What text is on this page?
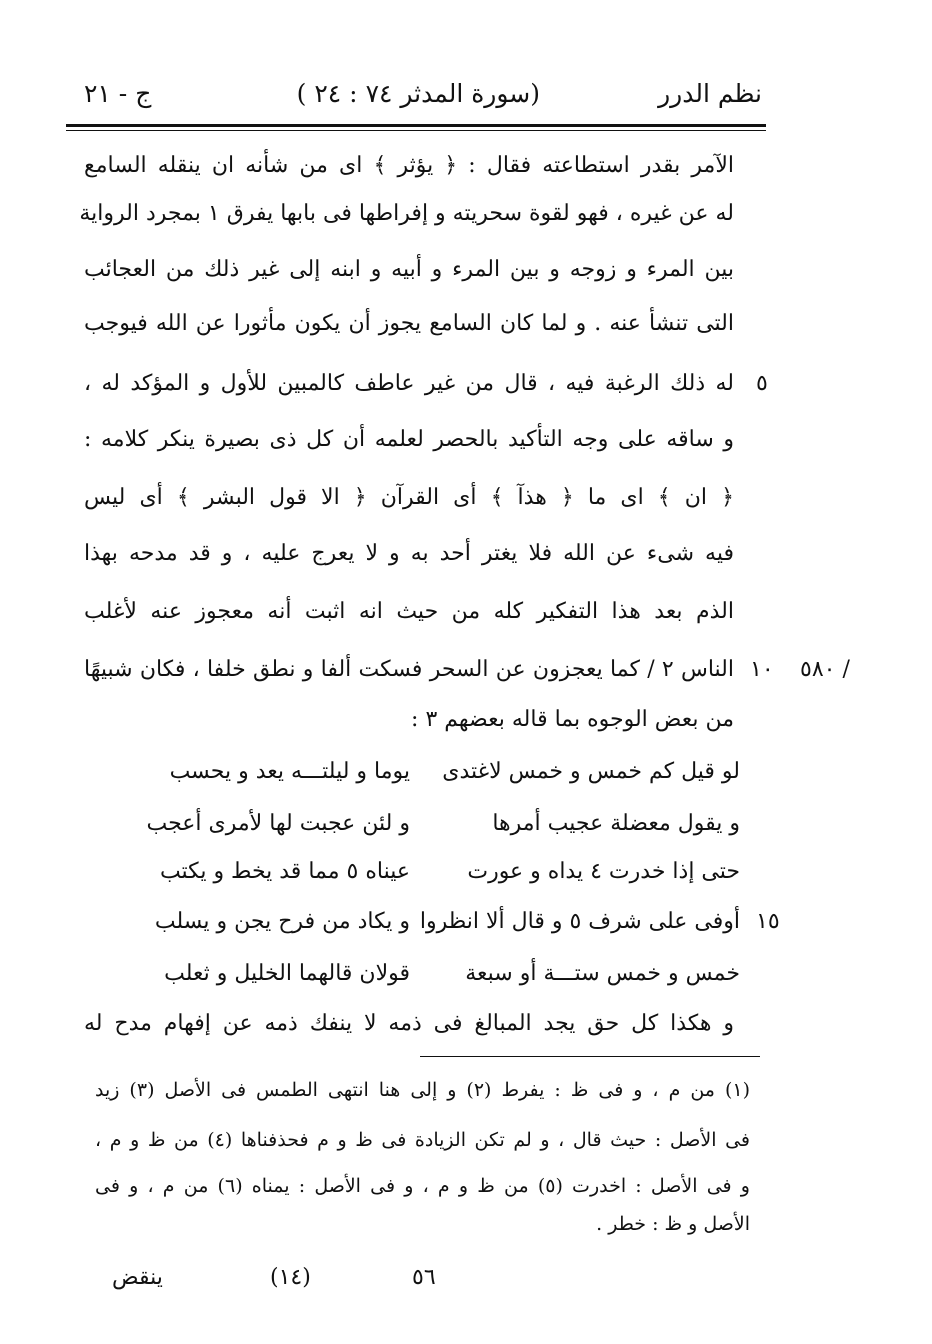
نظم الدرر
(سورة المدثر ٧٤ : ٢٤ )
ج - ٢١
الآمر بقدر استطاعته فقال : ﴿ يؤثر ﴾ اى من شأنه ان ينقله السامع
له عن غيره ، فهو لقوة سحريته و إفراطها فى بابها يفرق ١ بمجرد الرواية
بين المرء و زوجه و بين المرء و أبيه و ابنه إلى غير ذلك من العجائب
التى تنشأ عنه . و لما كان السامع يجوز أن يكون مأثورا عن الله فيوجب
له ذلك الرغبة فيه ، قال من غير عاطف كالمبين للأول و المؤكد له ،
و ساقه على وجه التأكيد بالحصر لعلمه أن كل ذى بصيرة ينكر كلامه :
﴿ ان ﴾ اى ما ﴿ هذآ ﴾ أى القرآن ﴿ الا قول البشر ﴾ أى ليس
فيه شىء عن الله فلا يغتر أحد به و لا يعرج عليه ، و قد مدحه بهذا
الذم بعد هذا التفكير كله من حيث انه اثبت أنه معجوز عنه لأغلب
الناس ٢ / كما يعجزون عن السحر فسكت ألفا و نطق خلفا ، فكان شبيهًا
من بعض الوجوه بما قاله بعضهم ٣ :
٥
١٠
١٥
٥٨٠ /
لو قيل كم خمس و خمس لاغتدى
يوما و ليلتـــه يعد و يحسب
و يقول معضلة عجيب أمرها
و لئن عجبت لها لأمرى أعجب
حتى إذا خدرت ٤ يداه و عورت
عيناه ٥ مما قد يخط و يكتب
أوفى على شرف ٥ و قال ألا انظروا
و يكاد من فرح يجن و يسلب
خمس و خمس ستـــة أو سبعة
قولان قالهما الخليل و ثعلب
و هكذا كل حق يجد المبالغ فى ذمه لا ينفك ذمه عن إفهام مدح له
(١) من م ، و فى ظ : يفرط (٢) و إلى هنا انتهى الطمس فى الأصل (٣) زيد
فى الأصل : حيث قال ، و لم تكن الزيادة فى ظ و م فحذفناها (٤) من ظ و م ،
و فى الأصل : اخدرت (٥) من ظ و م ، و فى الأصل : يمناه (٦) من م ، و فى
الأصل و ظ : خطر .
ينقض	(١٤)	٥٦
